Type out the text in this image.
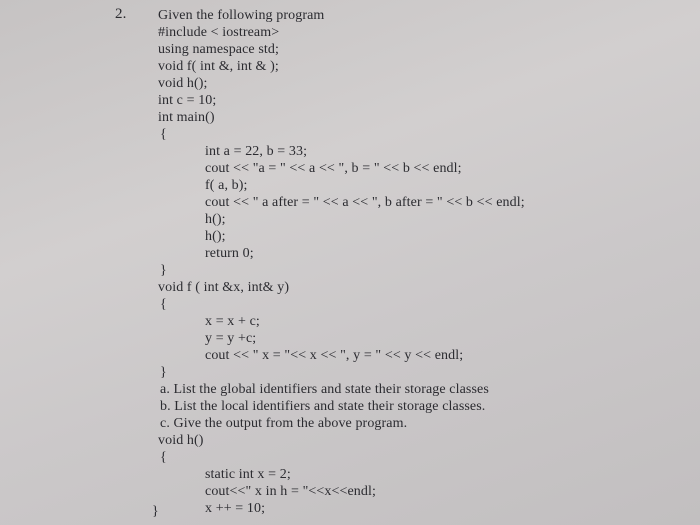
2. Given the following program
#include < iostream>
using namespace std;
void f( int &, int & );
void h();
int c = 10;
int main()
{
int a = 22, b = 33;
cout << "a = " << a << ", b = " << b << endl;
f( a, b);
cout << " a after = " << a << ", b after = " << b << endl;
h();
h();
return 0;
}
void f ( int &x, int& y)
{
x = x + c;
y = y +c;
cout << " x = "<< x << ", y = " << y << endl;
}
a. List the global identifiers and state their storage classes
b. List the local identifiers and state their storage classes.
c. Give the output from the above program.
void h()
{
static int x = 2;
cout<<" x in h = "<<x<<endl;
x ++ = 10;
}
